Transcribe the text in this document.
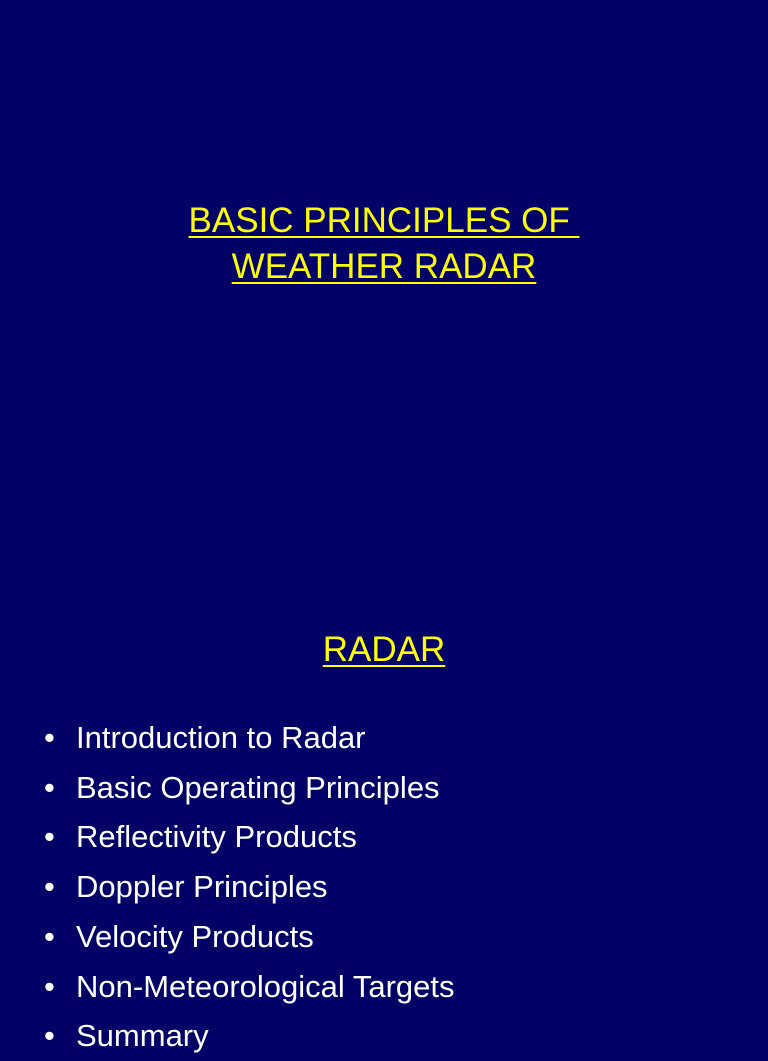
BASIC PRINCIPLES OF
WEATHER RADAR
RADAR
• Introduction to Radar
• Basic Operating Principles
• Reflectivity Products
• Doppler Principles
• Velocity Products
• Non-Meteorological Targets
• Summary
